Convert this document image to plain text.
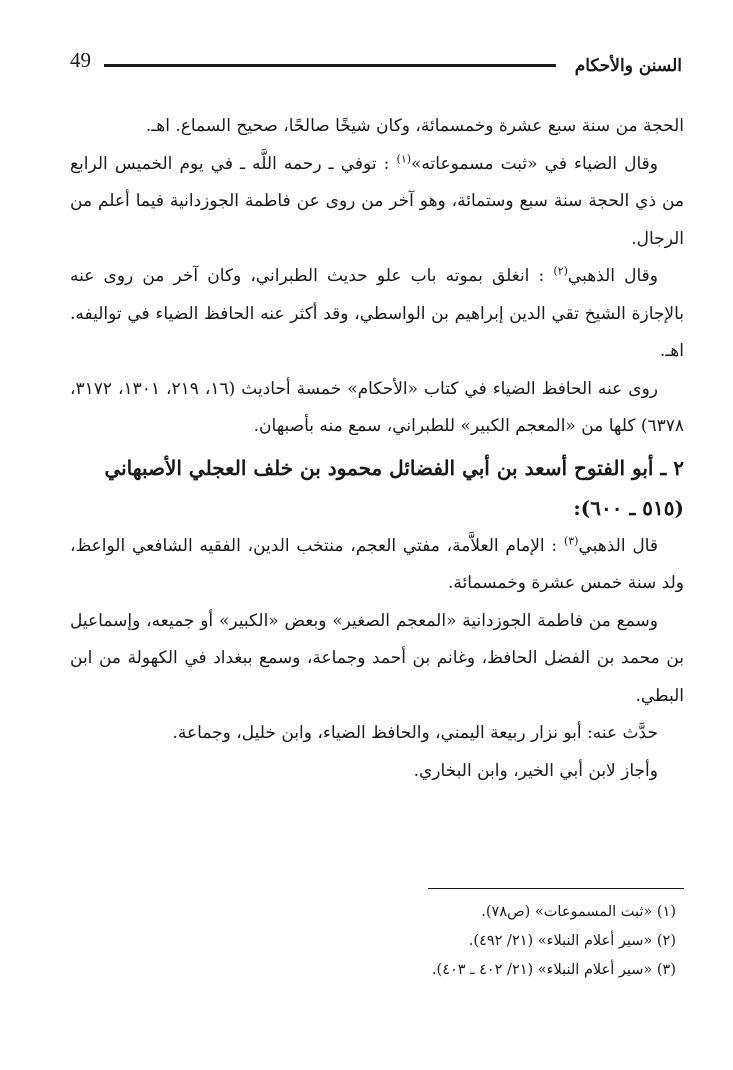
49	السنن والأحكام

الحجة من سنة سبع عشرة وخمسمائة، وكان شيخًا صالحًا، صحيح السماع. اهـ.

وقال الضياء في «ثبت مسموعاته»$^{(١)}$ : توفي ـ رحمه اللَّه ـ في يوم الخميس الرابع من ذي الحجة سنة سبع وستمائة، وهو آخر من روى عن فاطمة الجوزدانية فيما أعلم من الرجال.

وقال الذهبي$^{(٢)}$ : انغلق بموته باب علو حديث الطبراني، وكان آخر من روى عنه بالإجازة الشيخ تقي الدين إبراهيم بن الواسطي، وقد أكثر عنه الحافظ الضياء في تواليفه. اهـ.

روى عنه الحافظ الضياء في كتاب «الأحكام» خمسة أحاديث (١٦، ٢١٩، ١٣٠١، ٣١٧٢، ٦٣٧٨) كلها من «المعجم الكبير» للطبراني، سمع منه بأصبهان.

٢ ـ أبو الفتوح أسعد بن أبي الفضائل محمود بن خلف العجلي الأصبهاني (٥١٥ ـ ٦٠٠):

قال الذهبي$^{(٣)}$ : الإمام العلاَّمة، مفتي العجم، منتخب الدين، الفقيه الشافعي الواعظ، ولد سنة خمس عشرة وخمسمائة.

وسمع من فاطمة الجوزدانية «المعجم الصغير» وبعض «الكبير» أو جميعه، وإسماعيل بن محمد بن الفضل الحافظ، وغانم بن أحمد وجماعة، وسمع ببغداد في الكهولة من ابن البطي.

حدَّث عنه: أبو نزار ربيعة اليمني، والحافظ الضياء، وابن خليل، وجماعة.

وأجاز لابن أبي الخير، وابن البخاري.

(١) «ثبت المسموعات» (ص٧٨).

(٢) «سير أعلام النبلاء» (٢١/ ٤٩٢).

(٣) «سير أعلام النبلاء» (٢١/ ٤٠٢ ـ ٤٠٣).
